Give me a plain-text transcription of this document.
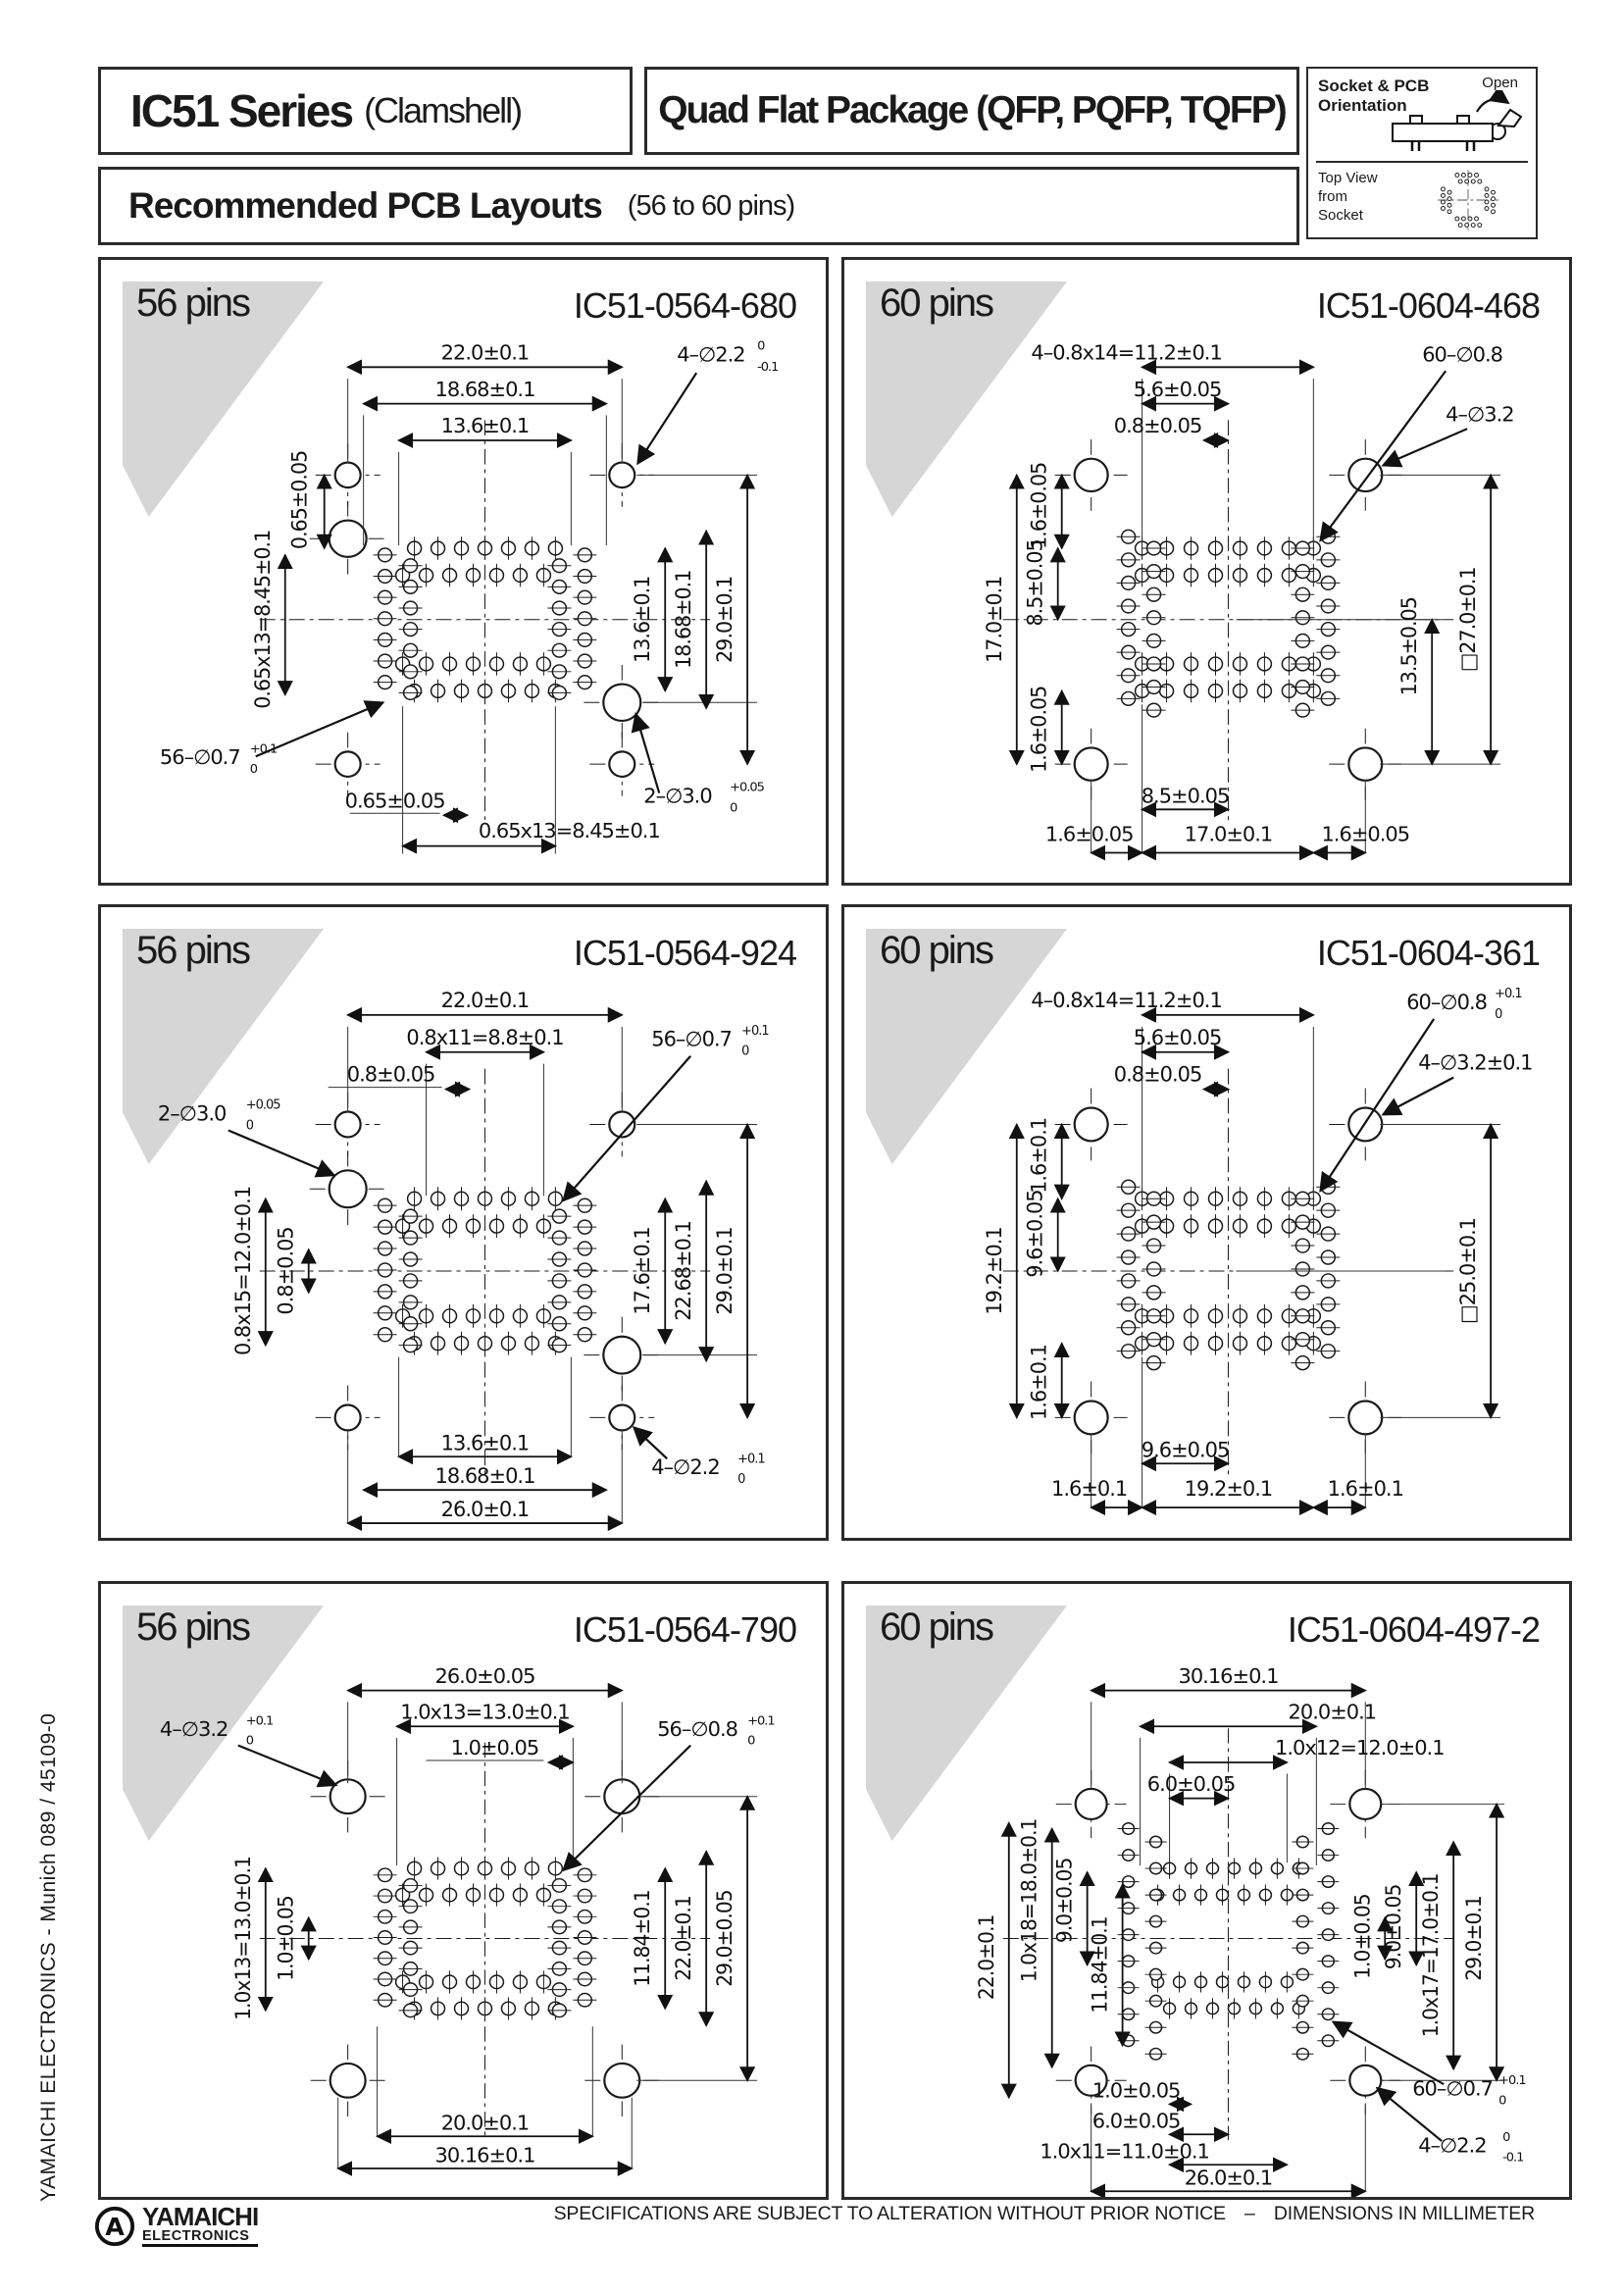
IC51 Series (Clamshell)	Quad Flat Package (QFP, PQFP, TQFP)
Recommended PCB Layouts (56 to 60 pins)
Socket & PCB
Orientation
Open
Top View
from
Socket
56 pins	IC51-0564-680
22.0±0.1
18.68±0.1
13.6±0.1
4–∅2.2 0
-0.1
0.65±0.05
0.65x13=8.45±0.1
56–∅0.7 +0.1
0
13.6±0.1 18.68±0.1 29.0±0.1
2–∅3.0 +0.05
0
0.65±0.05
0.65x13=8.45±0.1
60 pins	IC51-0604-468
4–0.8x14=11.2±0.1
5.6±0.05
0.8±0.05
60–∅0.8
4–∅3.2
1.6±0.05
17.0±0.1 8.5±0.05
1.6±0.05
13.5±0.05 □27.0±0.1
8.5±0.05
1.6±0.05 17.0±0.1 1.6±0.05
56 pins	IC51-0564-924
22.0±0.1
0.8x11=8.8±0.1
0.8±0.05
56–∅0.7 +0.1
0
2–∅3.0 +0.05
0
0.8x15=12.0±0.1 0.8±0.05	17.6±0.1 22.68±0.1 29.0±0.1
13.6±0.1
18.68±0.1
26.0±0.1
4–∅2.2 +0.1
0
60 pins	IC51-0604-361
4–0.8x14=11.2±0.1
5.6±0.05
0.8±0.05
60–∅0.8 +0.1
0
4–∅3.2±0.1
1.6±0.1
19.2±0.1 9.6±0.05
1.6±0.1
□25.0±0.1
9.6±0.05
1.6±0.1	19.2±0.1	1.6±0.1
56 pins	IC51-0564-790
26.0±0.05
1.0x13=13.0±0.1
1.0±0.05
4–∅3.2 +0.1
0
56–∅0.8 +0.1
0
1.0x13=13.0±0.1 1.0±0.05	11.84±0.1 22.0±0.1 29.0±0.05
20.0±0.1
30.16±0.1
60 pins	IC51-0604-497-2
30.16±0.1
20.0±0.1
1.0x12=12.0±0.1
6.0±0.05
1.0x18=18.0±0.1 9.0±0.05
22.0±0.1	11.84±0.1	1.0±0.05 9.0±0.05 1.0x17=17.0±0.1 29.0±0.1
1.0±0.05
6.0±0.05
1.0x11=11.0±0.1
26.0±0.1
60–∅0.7 +0.1
0
4–∅2.2 0
-0.1
YAMAICHI ELECTRONICS - Munich 089 / 45109-0
A YAMAICHI
ELECTRONICS
SPECIFICATIONS ARE SUBJECT TO ALTERATION WITHOUT PRIOR NOTICE – DIMENSIONS IN MILLIMETER
